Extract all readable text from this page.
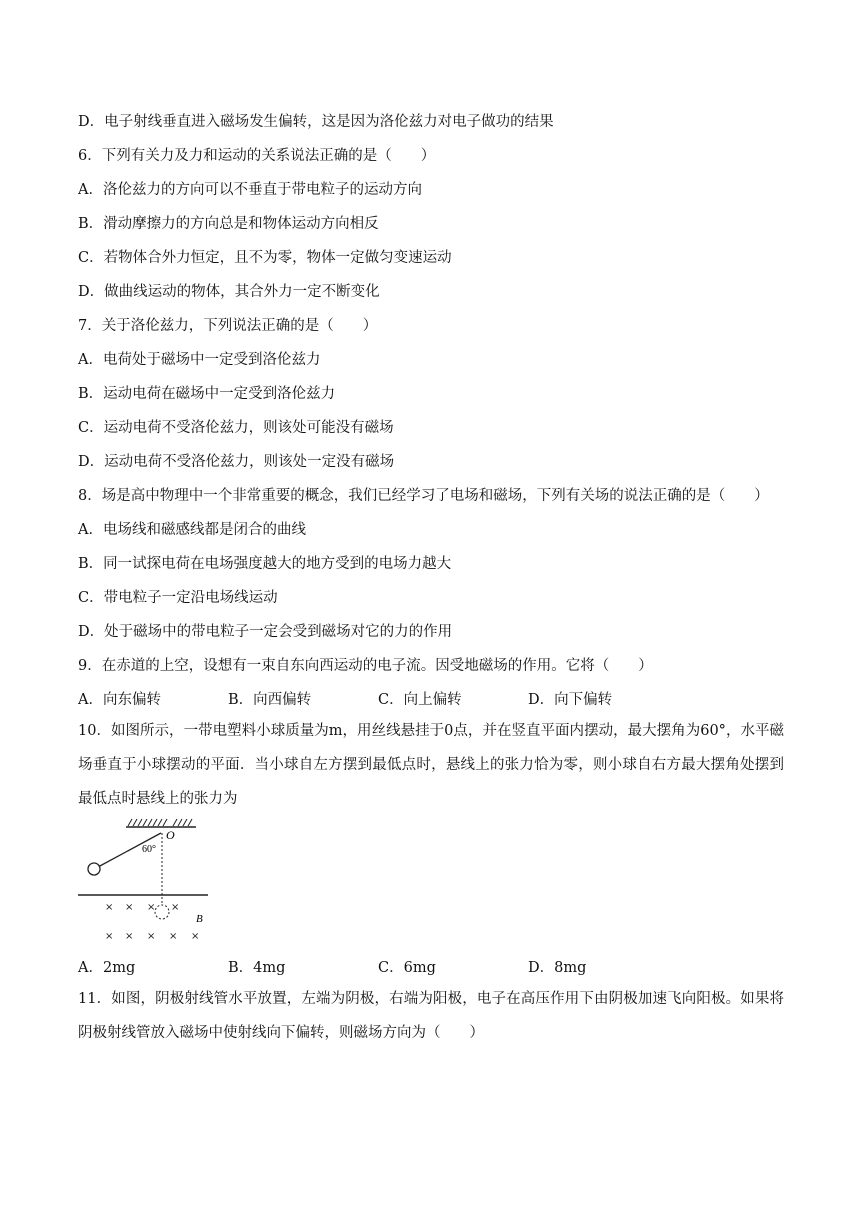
D．电子射线垂直进入磁场发生偏转，这是因为洛伦兹力对电子做功的结果
6．下列有关力及力和运动的关系说法正确的是（　　）
A．洛伦兹力的方向可以不垂直于带电粒子的运动方向
B．滑动摩擦力的方向总是和物体运动方向相反
C．若物体合外力恒定，且不为零，物体一定做匀变速运动
D．做曲线运动的物体，其合外力一定不断变化
7．关于洛伦兹力，下列说法正确的是（　　）
A．电荷处于磁场中一定受到洛伦兹力
B．运动电荷在磁场中一定受到洛伦兹力
C．运动电荷不受洛伦兹力，则该处可能没有磁场
D．运动电荷不受洛伦兹力，则该处一定没有磁场
8．场是高中物理中一个非常重要的概念，我们已经学习了电场和磁场，下列有关场的说法正确的是（　　）
A．电场线和磁感线都是闭合的曲线
B．同一试探电荷在电场强度越大的地方受到的电场力越大
C．带电粒子一定沿电场线运动
D．处于磁场中的带电粒子一定会受到磁场对它的力的作用
9．在赤道的上空，设想有一束自东向西运动的电子流。因受地磁场的作用。它将（　　）
A．向东偏转	B．向西偏转	C．向上偏转	D．向下偏转
10．如图所示，一带电塑料小球质量为m，用丝线悬挂于0点，并在竖直平面内摆动，最大摆角为60°，水平磁场垂直于小球摆动的平面．当小球自左方摆到最低点时，悬线上的张力恰为零，则小球自右方最大摆角处摆到最低点时悬线上的张力为
O
60°
× × × ×
× × × × ×
B
A．2mg	B．4mg	C．6mg	D．8mg
11．如图，阴极射线管水平放置，左端为阴极，右端为阳极，电子在高压作用下由阴极加速飞向阳极。如果将阴极射线管放入磁场中使射线向下偏转，则磁场方向为（　　）
